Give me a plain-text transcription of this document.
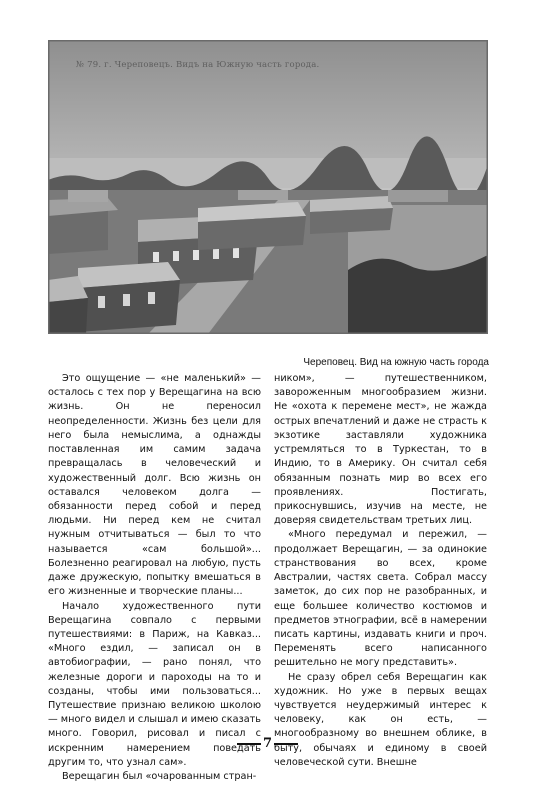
№ 79. г. Череповецъ. Видъ на Южную часть города.
Череповец. Вид на южную часть города

Это ощущение — «не маленький» — осталось с тех пор у Верещагина на всю жизнь. Он не переносил неопределенности. Жизнь без цели для него была немыслима, а однажды поставленная им самим задача превращалась в человеческий и художественный долг. Всю жизнь он оставался человеком долга — обязанности перед собой и перед людьми. Ни перед кем не считал нужным отчитываться — был то что называется «сам большой»... Болезненно реагировал на любую, пусть даже дружескую, попытку вмешаться в его жизненные и творческие планы...

Начало художественного пути Верещагина совпало с первыми путешествиями: в Париж, на Кавказ... «Много ездил, — записал он в автобиографии, — рано понял, что железные дороги и пароходы на то и созданы, чтобы ими пользоваться... Путешествие признаю великою школою — много видел и слышал и имею сказать много. Говорил, рисовал и писал с искренним намерением поведать другим то, что узнал сам».

Верещагин был «очарованным стран-

ником», — путешественником, завороженным многообразием жизни. Не «охота к перемене мест», не жажда острых впечатлений и даже не страсть к экзотике заставляли художника устремляться то в Туркестан, то в Индию, то в Америку. Он считал себя обязанным познать мир во всех его проявлениях. Постигать, прикоснувшись, изучив на месте, не доверяя свидетельствам третьих лиц.

«Много передумал и пережил, — продолжает Верещагин, — за одинокие странствования во всех, кроме Австралии, частях света. Собрал массу заметок, до сих пор не разобранных, и еще большее количество костюмов и предметов этнографии, всё в намерении писать картины, издавать книги и проч. Переменять всего написанного решительно не могу представить».

Не сразу обрел себя Верещагин как художник. Но уже в первых вещах чувствуется неудержимый интерес к человеку, как он есть, — многообразному во внешнем облике, в быту, обычаях и единому в своей человеческой сути. Внешне

7
